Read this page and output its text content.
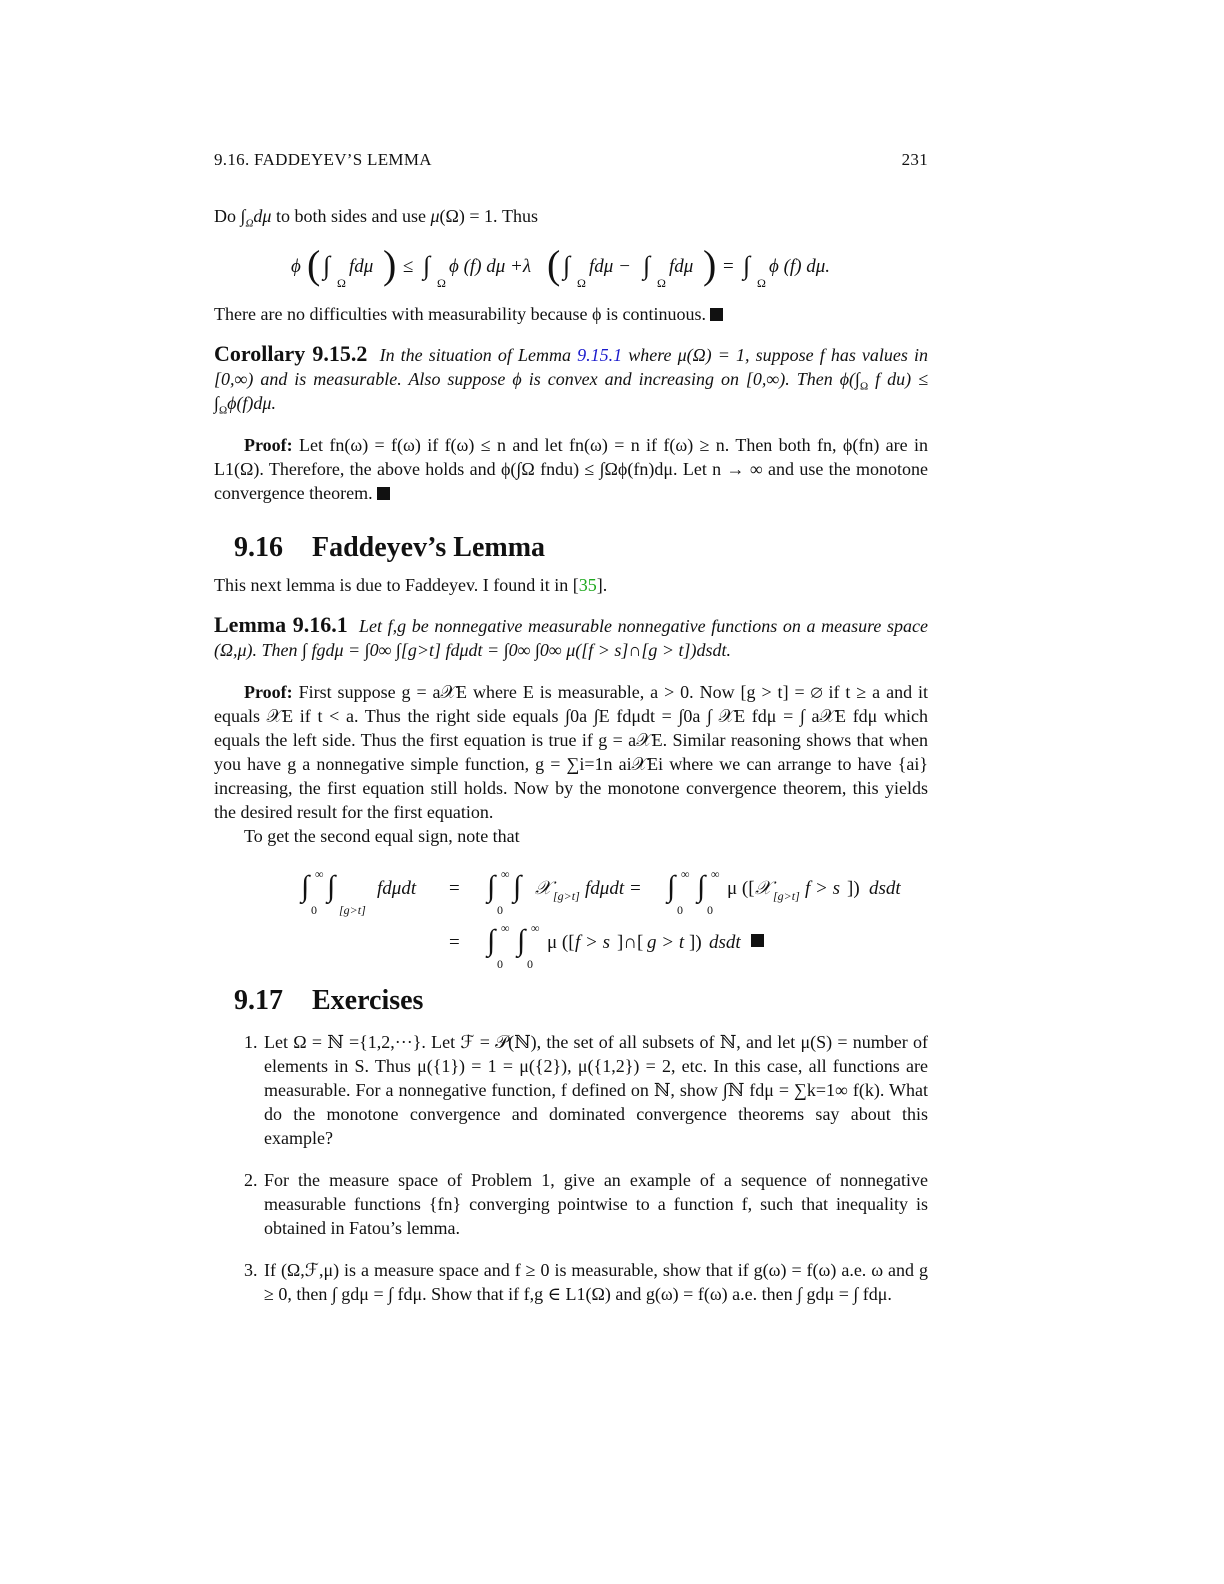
9.16. FADDEYEV’S LEMMA	231

Do $\int_\Omega d\mu$ to both sides and use μ(Ω) = 1. Thus

ϕ ( ∫
Ω
fdμ ) ≤ ∫
Ω
ϕ (f) dμ +λ ( ∫
Ω
fdμ − ∫
Ω
fdμ ) = ∫
Ω
ϕ (f) dμ.

There are no difficulties with measurability because ϕ is continuous.

Corollary 9.15.2 In the situation of Lemma 9.15.1 where μ(Ω) = 1, suppose f has values in [0,∞) and is measurable. Also suppose ϕ is convex and increasing on [0,∞). Then $\phi(\int_\Omega$ f $du) \le \int_\Omega\phi(f)d\mu$.

Proof: Let fn(ω) = f(ω) if f(ω) ≤ n and let fn(ω) = n if f(ω) ≥ n. Then both fn, ϕ(fn) are in L1(Ω). Therefore, the above holds and ϕ(∫Ω fndu) ≤ ∫Ωϕ(fn)dμ. Let n → ∞ and use the monotone convergence theorem.

9.16	Faddeyev’s Lemma

This next lemma is due to Faddeyev. I found it in [35].

Lemma 9.16.1 Let f,g be nonnegative measurable nonnegative functions on a measure space (Ω,μ). Then ∫ fgdμ = ∫0∞ ∫[g>t] fdμdt = ∫0∞ ∫0∞ μ([f > s]∩[g > t])dsdt.

Proof: First suppose g = a𝒳E where E is measurable, a > 0. Now [g > t] = ∅ if t ≥ a and it equals 𝒳E if t < a. Thus the right side equals ∫0a ∫E fdμdt = ∫0a ∫ 𝒳E fdμ = ∫ a𝒳E fdμ which equals the left side. Thus the first equation is true if g = a𝒳E. Similar reasoning shows that when you have g a nonnegative simple function, g = ∑i=1n ai𝒳Ei where we can arrange to have {ai} increasing, the first equation still holds. Now by the monotone convergence theorem, this yields the desired result for the first equation.

To get the second equal sign, note that

∫ ∞
0
∫
[g>t]
fdμdt = ∫ ∞
0
∫ 𝒳 [g>t] fdμdt = ∫ ∞
0
∫ ∞
0
μ ([ 𝒳 [g>t] f > s ]) dsdt
= ∫ ∞
0
∫ ∞
0
μ ([ f > s ]∩[ g > t ]) dsdt
9.17	Exercises
1. Let Ω = ℕ ={1,2,···}. Let ℱ = 𝒫(ℕ), the set of all subsets of ℕ, and let μ(S) = number of elements in S. Thus μ({1}) = 1 = μ({2}), μ({1,2}) = 2, etc. In this case, all functions are measurable. For a nonnegative function, f defined on ℕ, show ∫ℕ fdμ = ∑k=1∞ f(k). What do the monotone convergence and dominated convergence theorems say about this example?
2. For the measure space of Problem 1, give an example of a sequence of nonnegative measurable functions {fn} converging pointwise to a function f, such that inequality is obtained in Fatou’s lemma.
3. If (Ω,ℱ,μ) is a measure space and f ≥ 0 is measurable, show that if g(ω) = f(ω) a.e. ω and g ≥ 0, then ∫ gdμ = ∫ fdμ. Show that if f,g ∈ L1(Ω) and g(ω) = f(ω) a.e. then ∫ gdμ = ∫ fdμ.
